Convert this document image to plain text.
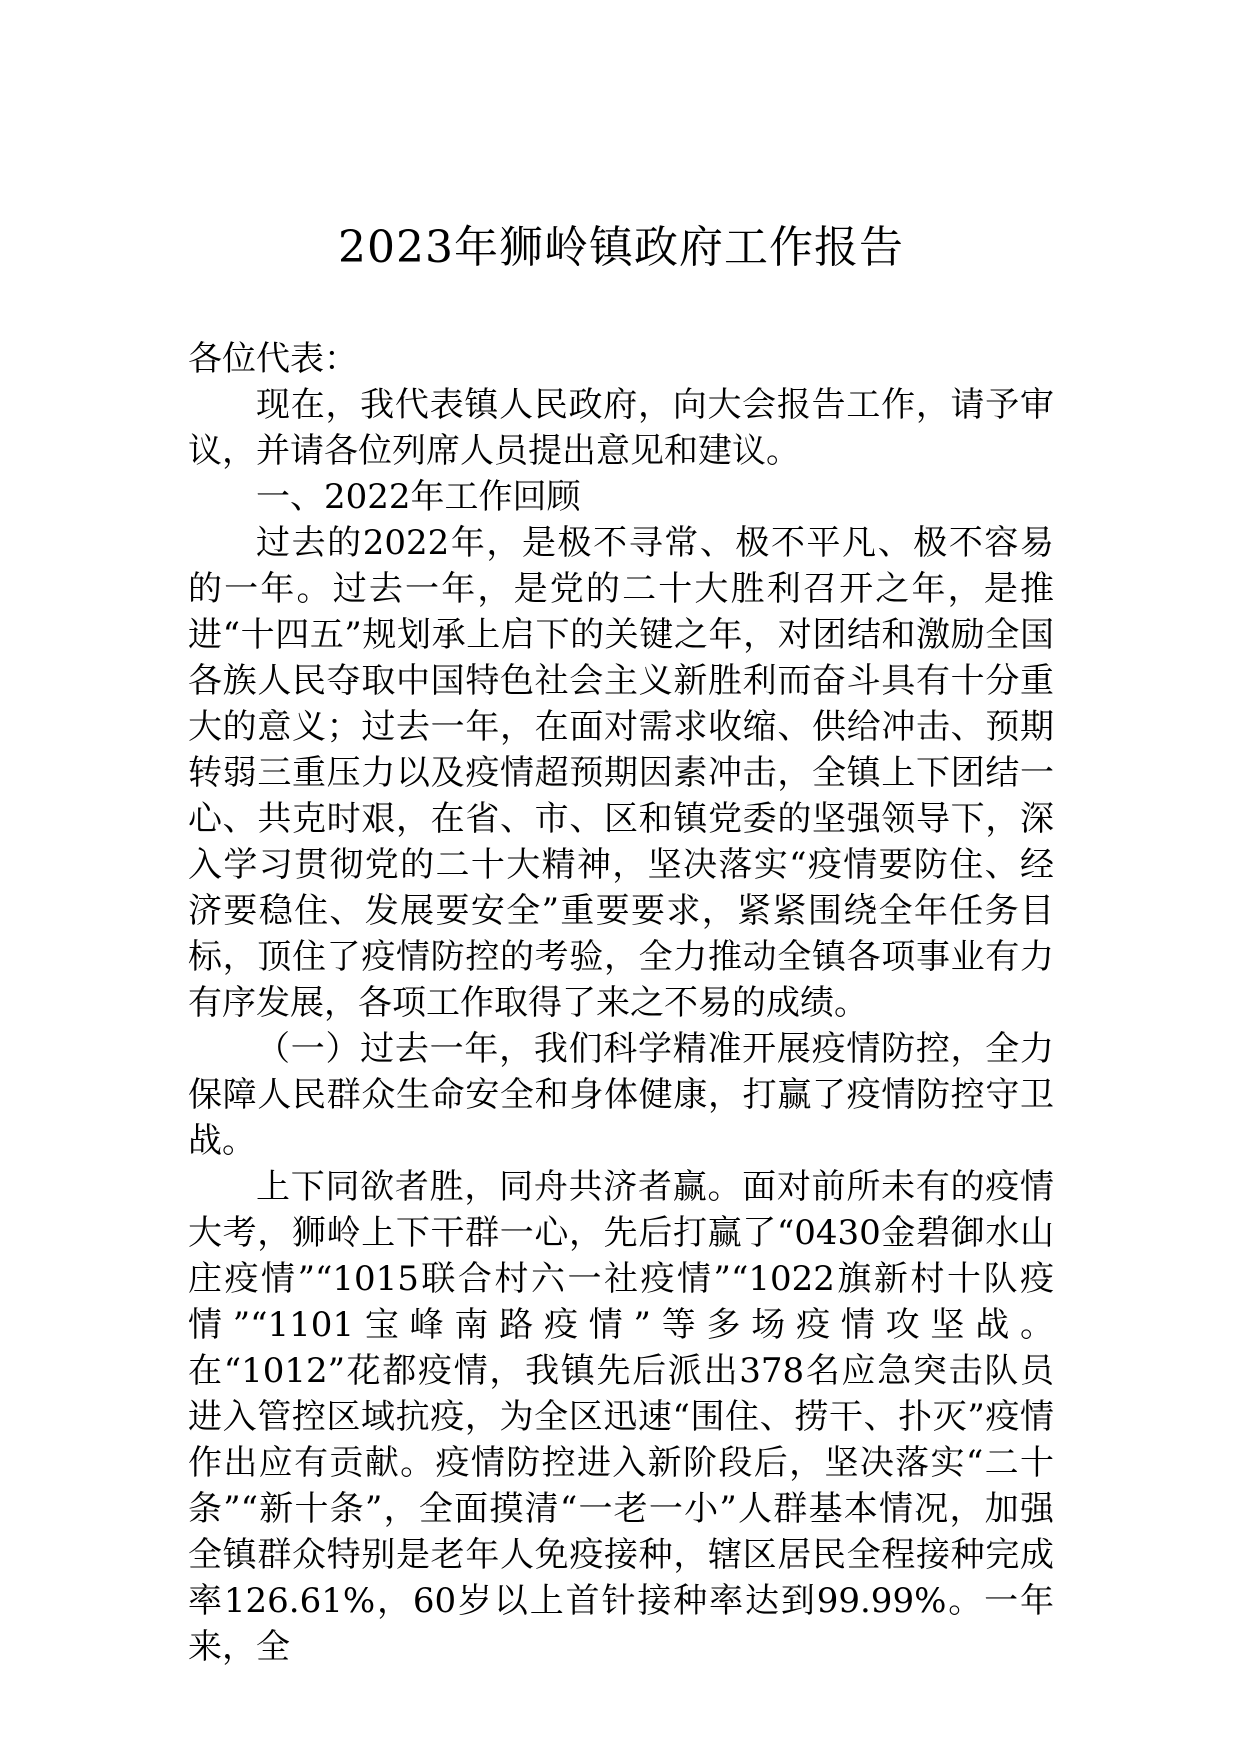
2023年狮岭镇政府工作报告

各位代表：

现在，我代表镇人民政府，向大会报告工作，请予审议，并请各位列席人员提出意见和建议。

一、2022年工作回顾

过去的2022年，是极不寻常、极不平凡、极不容易的一年。过去一年，是党的二十大胜利召开之年，是推进“十四五”规划承上启下的关键之年，对团结和激励全国各族人民夺取中国特色社会主义新胜利而奋斗具有十分重大的意义；过去一年，在面对需求收缩、供给冲击、预期转弱三重压力以及疫情超预期因素冲击，全镇上下团结一心、共克时艰，在省、市、区和镇党委的坚强领导下，深入学习贯彻党的二十大精神，坚决落实“疫情要防住、经济要稳住、发展要安全”重要要求，紧紧围绕全年任务目标，顶住了疫情防控的考验，全力推动全镇各项事业有力有序发展，各项工作取得了来之不易的成绩。

（一）过去一年，我们科学精准开展疫情防控，全力保障人民群众生命安全和身体健康，打赢了疫情防控守卫战。

上下同欲者胜，同舟共济者赢。面对前所未有的疫情大考，狮岭上下干群一心，先后打赢了“0430金碧御水山庄疫情”“1015联合村六一社疫情”“1022旗新村十队疫情”“1101宝峰南路疫情”等多场疫情攻坚战。在“1012”花都疫情，我镇先后派出378名应急突击队员进入管控区域抗疫，为全区迅速“围住、捞干、扑灭”疫情作出应有贡献。疫情防控进入新阶段后，坚决落实“二十条”“新十条”，全面摸清“一老一小”人群基本情况，加强全镇群众特别是老年人免疫接种，辖区居民全程接种完成率126.61%，60岁以上首针接种率达到99.99%。一年来，全
